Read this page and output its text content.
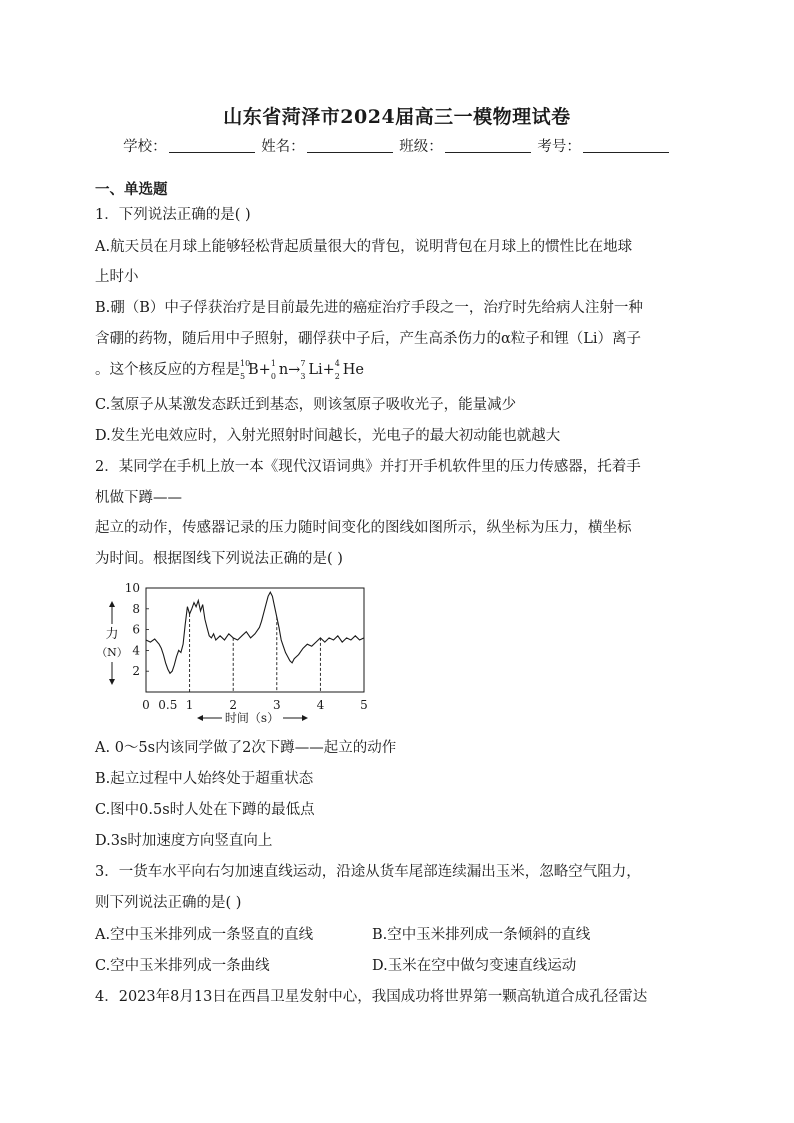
山东省菏泽市2024届高三一模物理试卷
学校：	姓名：	班级：	考号：
一、单选题
1．下列说法正确的是( )
A.航天员在月球上能够轻松背起质量很大的背包，说明背包在月球上的惯性比在地球
上时小
B.硼（B）中子俘获治疗是目前最先进的癌症治疗手段之一，治疗时先给病人注射一种
含硼的药物，随后用中子照射，硼俘获中子后，产生高杀伤力的α粒子和锂（Li）离子
。这个核反应的方程是 10
5 B+ 1
0 n→ 7
3 Li+ 4
2 He
C.氢原子从某激发态跃迁到基态，则该氢原子吸收光子，能量减少
D.发生光电效应时，入射光照射时间越长，光电子的最大初动能也就越大
2．某同学在手机上放一本《现代汉语词典》并打开手机软件里的压力传感器，托着手
机做下蹲——
起立的动作，传感器记录的压力随时间变化的图线如图所示，纵坐标为压力，横坐标
为时间。根据图线下列说法正确的是( )
2
4
6
8
10
0 0.5 1	2	3	4	5
力
（N）
时间（s）
A. 0～5s内该同学做了2次下蹲——起立的动作
B.起立过程中人始终处于超重状态
C.图中0.5s时人处在下蹲的最低点
D.3s时加速度方向竖直向上
3．一货车水平向右匀加速直线运动，沿途从货车尾部连续漏出玉米，忽略空气阻力，
则下列说法正确的是( )
A.空中玉米排列成一条竖直的直线	B.空中玉米排列成一条倾斜的直线
C.空中玉米排列成一条曲线	D.玉米在空中做匀变速直线运动
4．2023年8月13日在西昌卫星发射中心，我国成功将世界第一颗高轨道合成孔径雷达
